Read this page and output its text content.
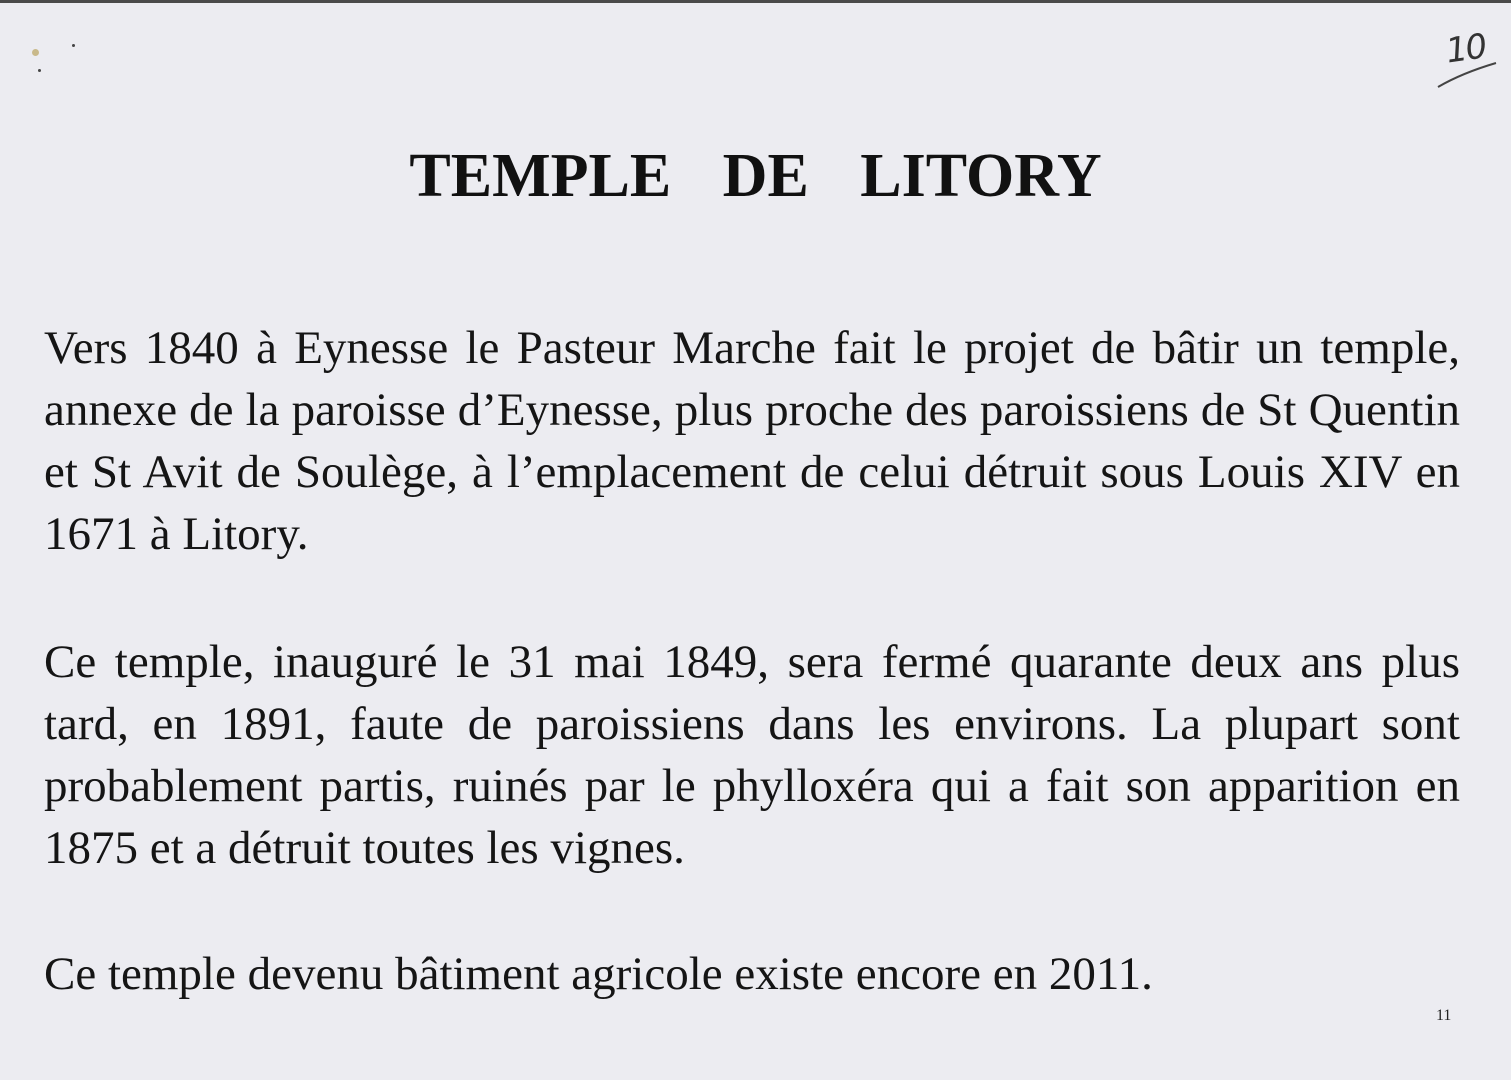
10
TEMPLE DE LITORY

Vers 1840 à Eynesse le Pasteur Marche fait le projet de bâtir un temple, annexe de la paroisse d’Eynesse, plus proche des paroissiens de St Quentin et St Avit de Soulège, à l’emplacement de celui détruit sous Louis XIV en 1671 à Litory.

Ce temple, inauguré le 31 mai 1849, sera fermé quarante deux ans plus tard, en 1891, faute de paroissiens dans les environs. La plupart sont probablement partis, ruinés par le phylloxéra qui a fait son apparition en 1875 et a détruit toutes les vignes.

Ce temple devenu bâtiment agricole existe encore en 2011.

11
